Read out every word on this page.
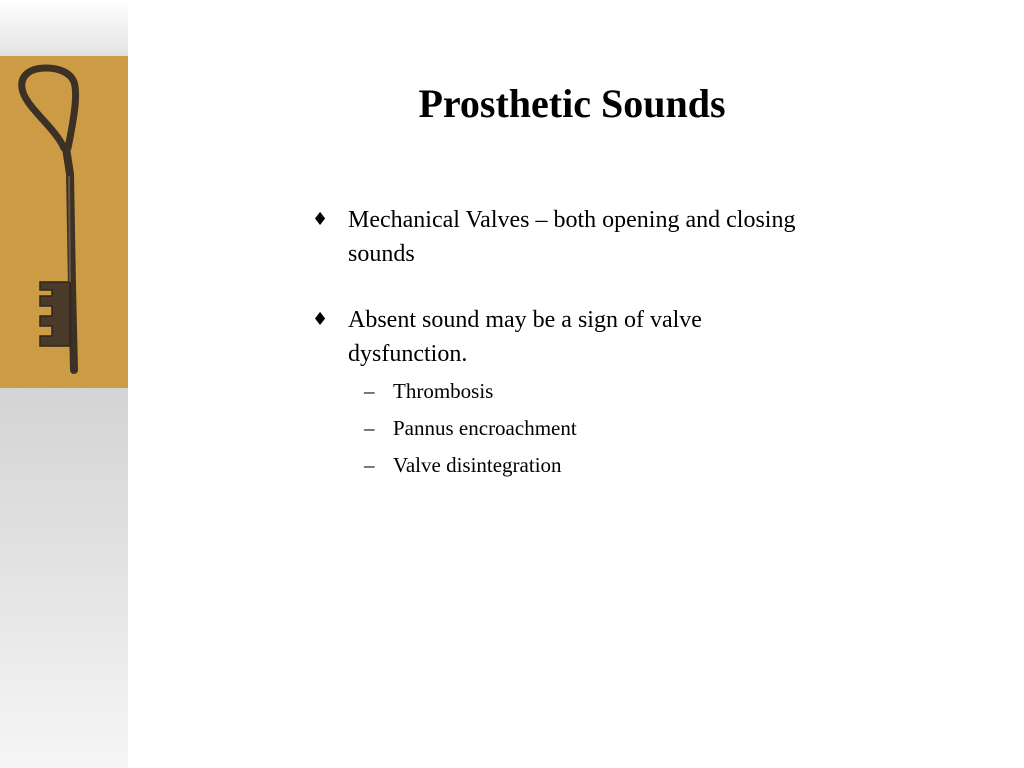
Prosthetic Sounds
♦ Mechanical Valves – both opening and closing sounds
♦ Absent sound may be a sign of valve dysfunction.
– Thrombosis
– Pannus encroachment
– Valve disintegration
